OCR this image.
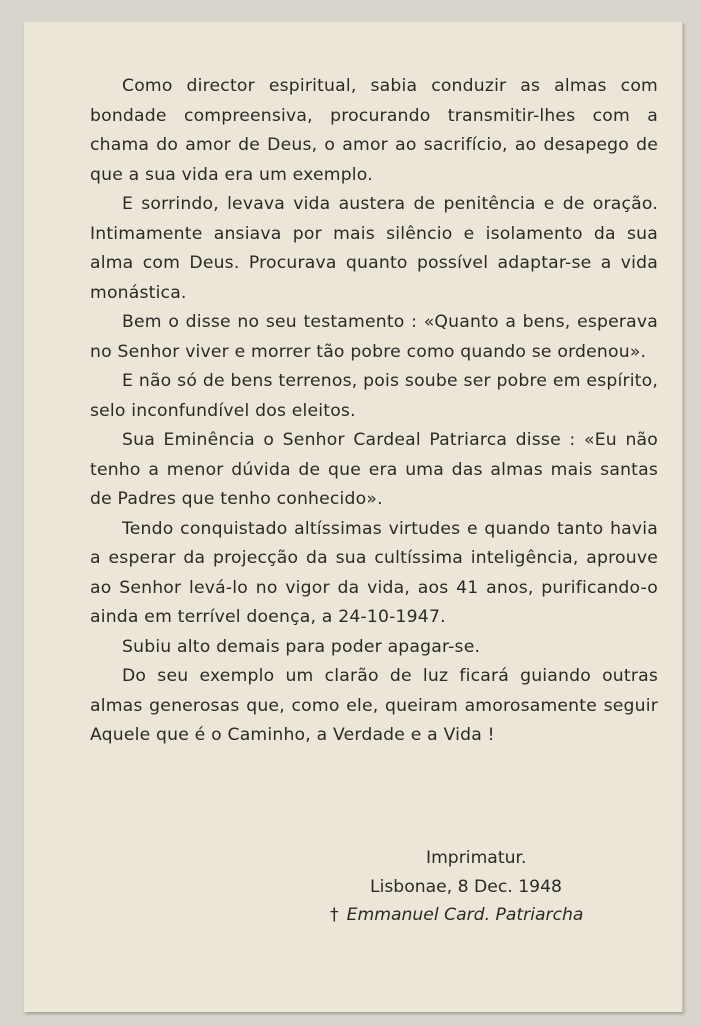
Como director espiritual, sabia conduzir as almas com bondade compreensiva, procurando transmitir-lhes com a chama do amor de Deus, o amor ao sacrifício, ao desapego de que a sua vida era um exemplo.

E sorrindo, levava vida austera de penitência e de oração. Intimamente ansiava por mais silêncio e isolamento da sua alma com Deus. Procurava quanto possível adaptar-se a vida monástica.

Bem o disse no seu testamento : «Quanto a bens, esperava no Senhor viver e morrer tão pobre como quando se ordenou».

E não só de bens terrenos, pois soube ser pobre em espírito, selo inconfundível dos eleitos.

Sua Eminência o Senhor Cardeal Patriarca disse : «Eu não tenho a menor dúvida de que era uma das almas mais santas de Padres que tenho conhecido».

Tendo conquistado altíssimas virtudes e quando tanto havia a esperar da projecção da sua cultíssima inteligência, aprouve ao Senhor levá-lo no vigor da vida, aos 41 anos, purificando-o ainda em terrível doença, a 24-10-1947.

Subiu alto demais para poder apagar-se.

Do seu exemplo um clarão de luz ficará guiando outras almas generosas que, como ele, queiram amorosamente seguir Aquele que é o Caminho, a Verdade e a Vida !

Imprimatur.
Lisbonae, 8 Dec. 1948
† Emmanuel Card. Patriarcha
